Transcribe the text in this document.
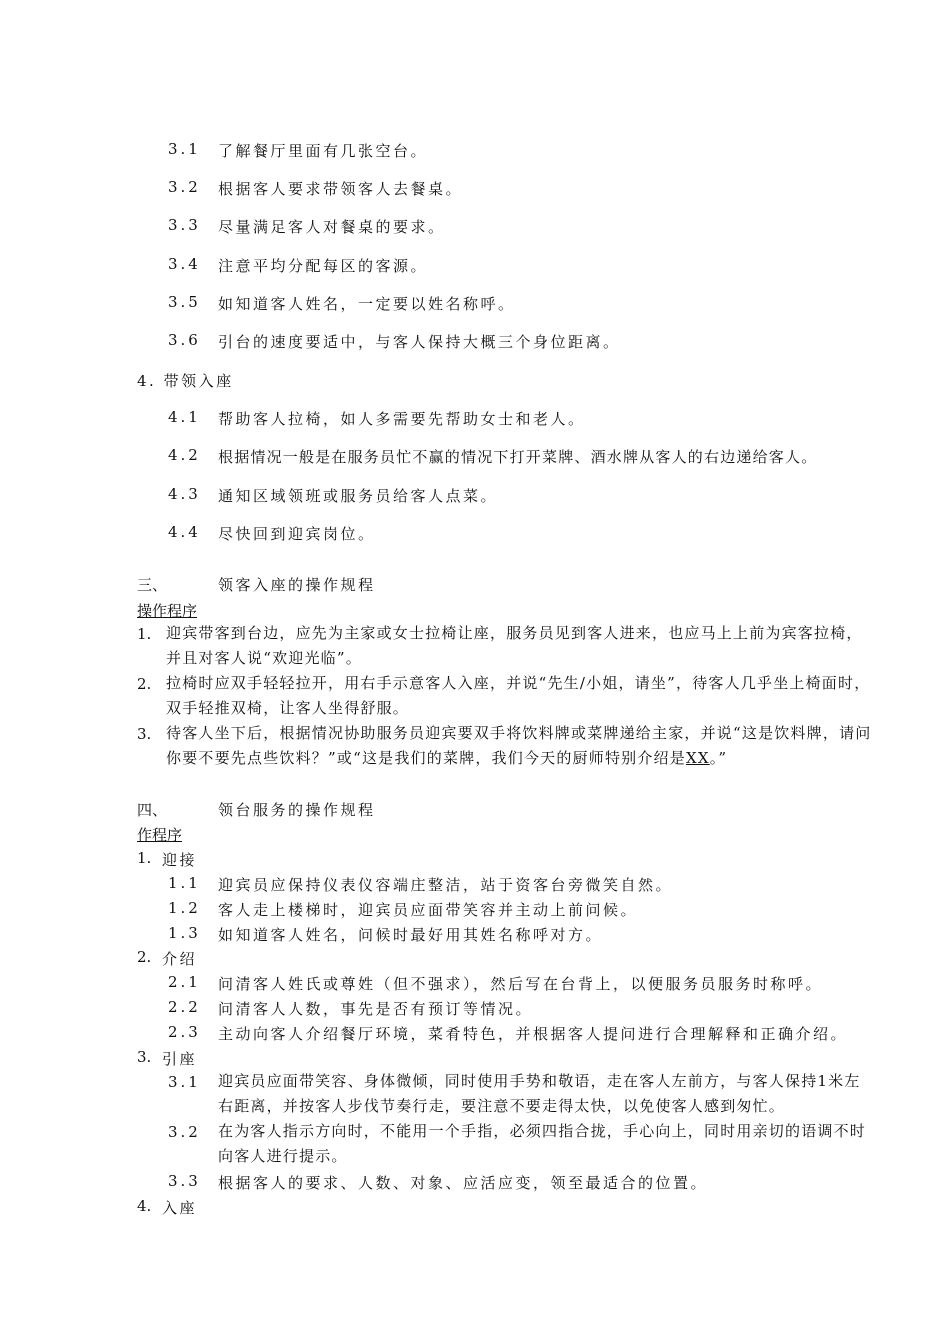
3.1 了解餐厅里面有几张空台。
3.2 根据客人要求带领客人去餐桌。
3.3 尽量满足客人对餐桌的要求。
3.4 注意平均分配每区的客源。
3.5 如知道客人姓名，一定要以姓名称呼。
3.6 引台的速度要适中，与客人保持大概三个身位距离。
4. 带领入座
4.1 帮助客人拉椅，如人多需要先帮助女士和老人。
4.2 根据情况一般是在服务员忙不赢的情况下打开菜牌、酒水牌从客人的右边递给客人。
4.3 通知区域领班或服务员给客人点菜。
4.4 尽快回到迎宾岗位。
三、	领客入座的操作规程
操作程序
1. 迎宾带客到台边，应先为主家或女士拉椅让座，服务员见到客人进来，也应马上上前为宾客拉椅，并且对客人说“欢迎光临”。
2. 拉椅时应双手轻轻拉开，用右手示意客人入座，并说“先生/小姐，请坐”，待客人几乎坐上椅面时，双手轻推双椅，让客人坐得舒服。
3. 待客人坐下后，根据情况协助服务员迎宾要双手将饮料牌或菜牌递给主家，并说“这是饮料牌，请问你要不要先点些饮料？”或“这是我们的菜牌，我们今天的厨师特别介绍是XX。”
四、	领台服务的操作规程
作程序
1. 迎接
1.1 迎宾员应保持仪表仪容端庄整洁，站于资客台旁微笑自然。
1.2 客人走上楼梯时，迎宾员应面带笑容并主动上前问候。
1.3 如知道客人姓名，问候时最好用其姓名称呼对方。
2. 介绍
2.1 问清客人姓氏或尊姓（但不强求），然后写在台背上，以便服务员服务时称呼。
2.2 问清客人人数，事先是否有预订等情况。
2.3 主动向客人介绍餐厅环境，菜肴特色，并根据客人提问进行合理解释和正确介绍。
3. 引座
3.1 迎宾员应面带笑容、身体微倾，同时使用手势和敬语，走在客人左前方，与客人保持1米左右距离，并按客人步伐节奏行走，要注意不要走得太快，以免使客人感到匆忙。
3.2 在为客人指示方向时，不能用一个手指，必须四指合拢，手心向上，同时用亲切的语调不时向客人进行提示。
3.3 根据客人的要求、人数、对象、应活应变，领至最适合的位置。
4. 入座
